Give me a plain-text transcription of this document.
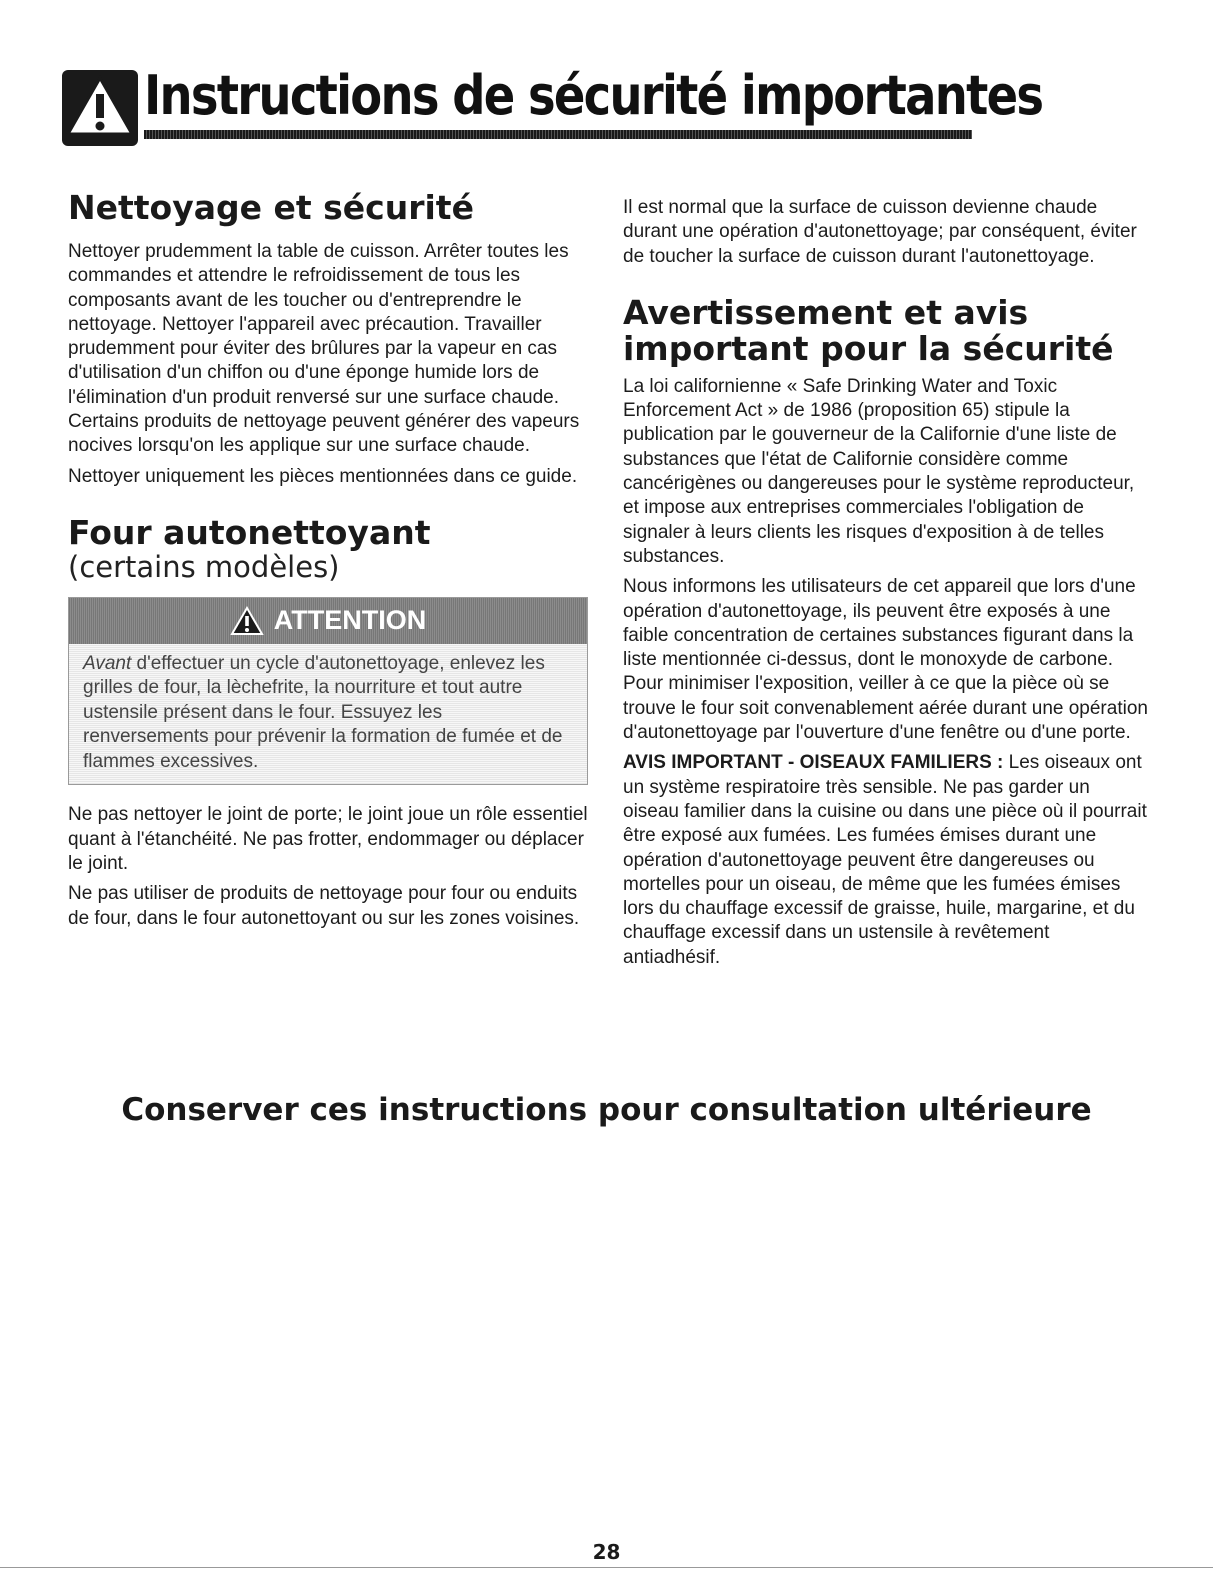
Instructions de sécurité importantes
Nettoyage et sécurité

Nettoyer prudemment la table de cuisson. Arrêter toutes les commandes et attendre le refroidissement de tous les composants avant de les toucher ou d'entreprendre le nettoyage. Nettoyer l'appareil avec précaution. Travailler prudemment pour éviter des brûlures par la vapeur en cas d'utilisation d'un chiffon ou d'une éponge humide lors de l'élimination d'un produit renversé sur une surface chaude. Certains produits de nettoyage peuvent générer des vapeurs nocives lorsqu'on les applique sur une surface chaude.

Nettoyer uniquement les pièces mentionnées dans ce guide.

Four autonettoyant
(certains modèles)
ATTENTION
Avant d'effectuer un cycle d'autonettoyage, enlevez les grilles de four, la lèchefrite, la nourriture et tout autre ustensile présent dans le four. Essuyez les renversements pour prévenir la formation de fumée et de flammes excessives.

Ne pas nettoyer le joint de porte; le joint joue un rôle essentiel quant à l'étanchéité. Ne pas frotter, endommager ou déplacer le joint.

Ne pas utiliser de produits de nettoyage pour four ou enduits de four, dans le four autonettoyant ou sur les zones voisines.

Il est normal que la surface de cuisson devienne chaude durant une opération d'autonettoyage; par conséquent, éviter de toucher la surface de cuisson durant l'autonettoyage.

Avertissement et avis
important pour la sécurité

La loi californienne « Safe Drinking Water and Toxic Enforcement Act » de 1986 (proposition 65) stipule la publication par le gouverneur de la Californie d'une liste de substances que l'état de Californie considère comme cancérigènes ou dangereuses pour le système reproducteur, et impose aux entreprises commerciales l'obligation de signaler à leurs clients les risques d'exposition à de telles substances.

Nous informons les utilisateurs de cet appareil que lors d'une opération d'autonettoyage, ils peuvent être exposés à une faible concentration de certaines substances figurant dans la liste mentionnée ci-dessus, dont le monoxyde de carbone. Pour minimiser l'exposition, veiller à ce que la pièce où se trouve le four soit convenablement aérée durant une opération d'autonettoyage par l'ouverture d'une fenêtre ou d'une porte.

AVIS IMPORTANT - OISEAUX FAMILIERS : Les oiseaux ont un système respiratoire très sensible. Ne pas garder un oiseau familier dans la cuisine ou dans une pièce où il pourrait être exposé aux fumées. Les fumées émises durant une opération d'autonettoyage peuvent être dangereuses ou mortelles pour un oiseau, de même que les fumées émises lors du chauffage excessif de graisse, huile, margarine, et du chauffage excessif dans un ustensile à revêtement antiadhésif.

Conserver ces instructions pour consultation ultérieure
28
